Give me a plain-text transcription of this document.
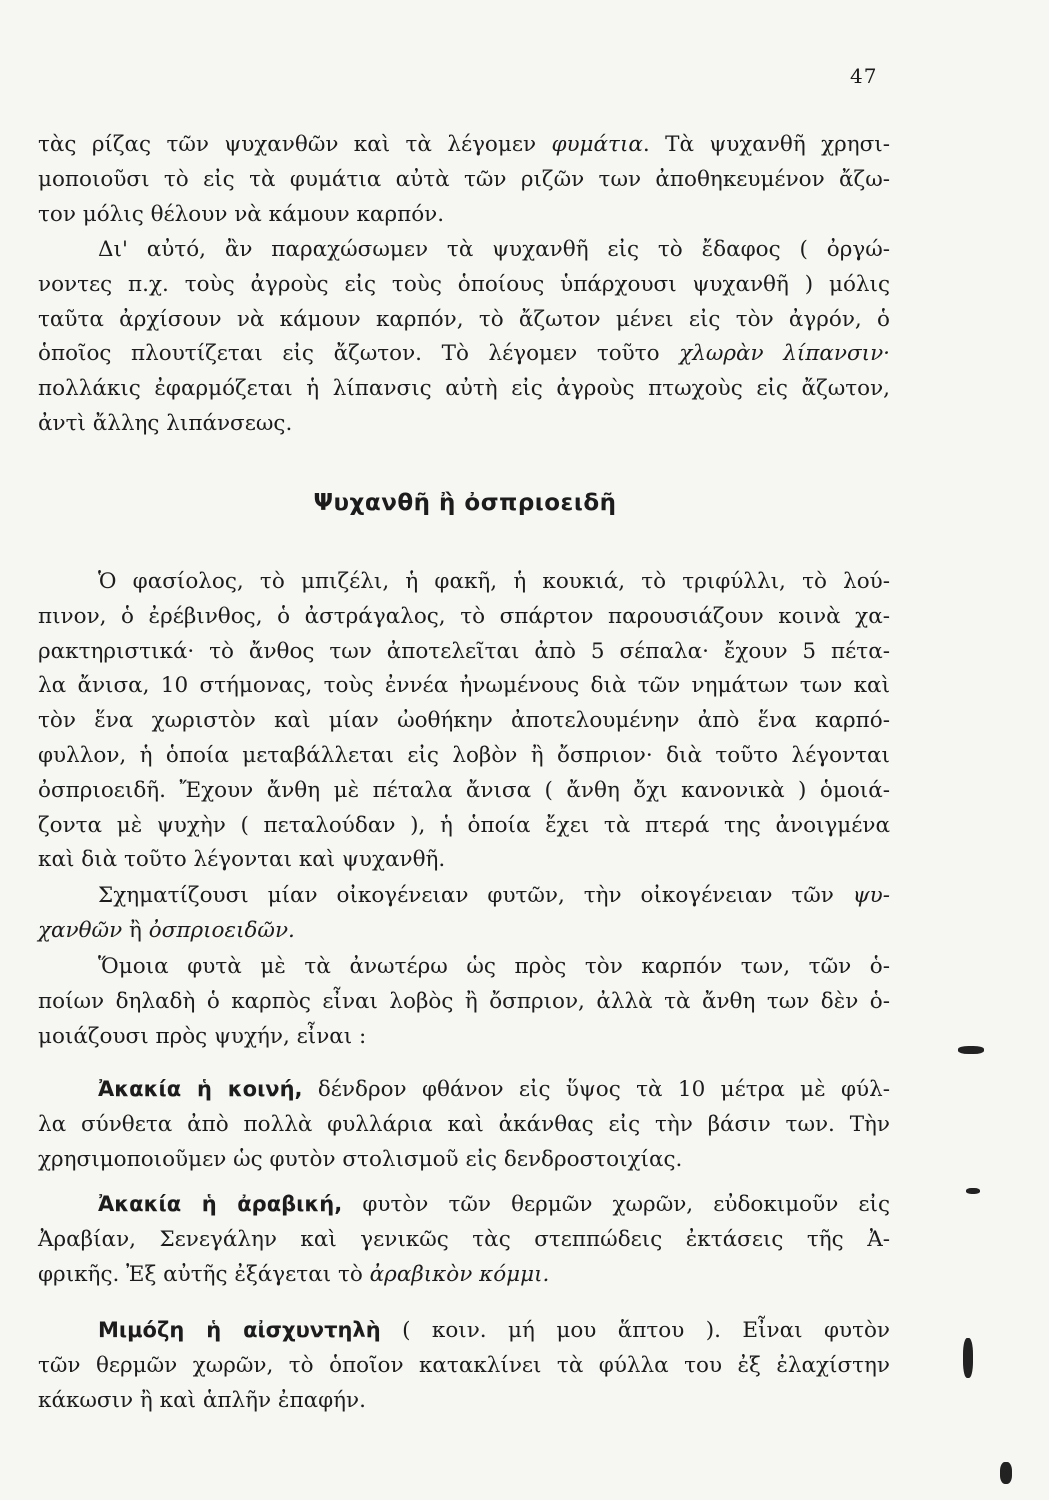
47
τὰς ρίζας τῶν ψυχανθῶν καὶ τὰ λέγομεν φυμάτια. Τὰ ψυχανθῆ χρησι-
μοποιοῦσι τὸ εἰς τὰ φυμάτια αὐτὰ τῶν ριζῶν των ἀποθηκευμένον ἄζω-
τον μόλις θέλουν νὰ κάμουν καρπόν.
Δι' αὐτό, ἂν παραχώσωμεν τὰ ψυχανθῆ εἰς τὸ ἔδαφος ( ὀργώ-
νοντες π.χ. τοὺς ἀγροὺς εἰς τοὺς ὁποίους ὑπάρχουσι ψυχανθῆ ) μόλις
ταῦτα ἀρχίσουν νὰ κάμουν καρπόν, τὸ ἄζωτον μένει εἰς τὸν ἀγρόν, ὁ
ὁποῖος πλουτίζεται εἰς ἄζωτον. Τὸ λέγομεν τοῦτο χλωρὰν λίπανσιν·
πολλάκις ἐφαρμόζεται ἡ λίπανσις αὐτὴ εἰς ἀγροὺς πτωχοὺς εἰς ἄζωτον,
ἀντὶ ἄλλης λιπάνσεως.
Ψυχανθῆ ἢ ὀσπριοειδῆ
Ὁ φασίολος, τὸ μπιζέλι, ἡ φακῆ, ἡ κουκιά, τὸ τριφύλλι, τὸ λού-
πινον, ὁ ἐρέβινθος, ὁ ἀστράγαλος, τὸ σπάρτον παρουσιάζουν κοινὰ χα-
ρακτηριστικά· τὸ ἄνθος των ἀποτελεῖται ἀπὸ 5 σέπαλα· ἔχουν 5 πέτα-
λα ἄνισα, 10 στήμονας, τοὺς ἐννέα ἠνωμένους διὰ τῶν νημάτων των καὶ
τὸν ἕνα χωριστὸν καὶ μίαν ὠοθήκην ἀποτελουμένην ἀπὸ ἕνα καρπό-
φυλλον, ἡ ὁποία μεταβάλλεται εἰς λοβὸν ἢ ὄσπριον· διὰ τοῦτο λέγονται
ὀσπριοειδῆ. Ἔχουν ἄνθη μὲ πέταλα ἄνισα ( ἄνθη ὄχι κανονικὰ ) ὁμοιά-
ζοντα μὲ ψυχὴν ( πεταλούδαν ), ἡ ὁποία ἔχει τὰ πτερά της ἀνοιγμένα
καὶ διὰ τοῦτο λέγονται καὶ ψυχανθῆ.
Σχηματίζουσι μίαν οἰκογένειαν φυτῶν, τὴν οἰκογένειαν τῶν ψυ-
χανθῶν ἢ ὀσπριοειδῶν.
Ὅμοια φυτὰ μὲ τὰ ἀνωτέρω ὡς πρὸς τὸν καρπόν των, τῶν ὁ-
ποίων δηλαδὴ ὁ καρπὸς εἶναι λοβὸς ἢ ὄσπριον, ἀλλὰ τὰ ἄνθη των δὲν ὁ-
μοιάζουσι πρὸς ψυχήν, εἶναι :
Ἀκακία ἡ κοινή, δένδρον φθάνον εἰς ὕψος τὰ 10 μέτρα μὲ φύλ-
λα σύνθετα ἀπὸ πολλὰ φυλλάρια καὶ ἀκάνθας εἰς τὴν βάσιν των. Τὴν
χρησιμοποιοῦμεν ὡς φυτὸν στολισμοῦ εἰς δενδροστοιχίας.
Ἀκακία ἡ ἀραβική, φυτὸν τῶν θερμῶν χωρῶν, εὐδοκιμοῦν εἰς
Ἀραβίαν, Σενεγάλην καὶ γενικῶς τὰς στεππώδεις ἐκτάσεις τῆς Ἀ-
φρικῆς. Ἐξ αὐτῆς ἐξάγεται τὸ ἀραβικὸν κόμμι.
Μιμόζη ἡ αἰσχυντηλὴ ( κοιν. μή μου ἅπτου ). Εἶναι φυτὸν
τῶν θερμῶν χωρῶν, τὸ ὁποῖον κατακλίνει τὰ φύλλα του ἐξ ἐλαχίστην
κάκωσιν ἢ καὶ ἁπλῆν ἐπαφήν.
